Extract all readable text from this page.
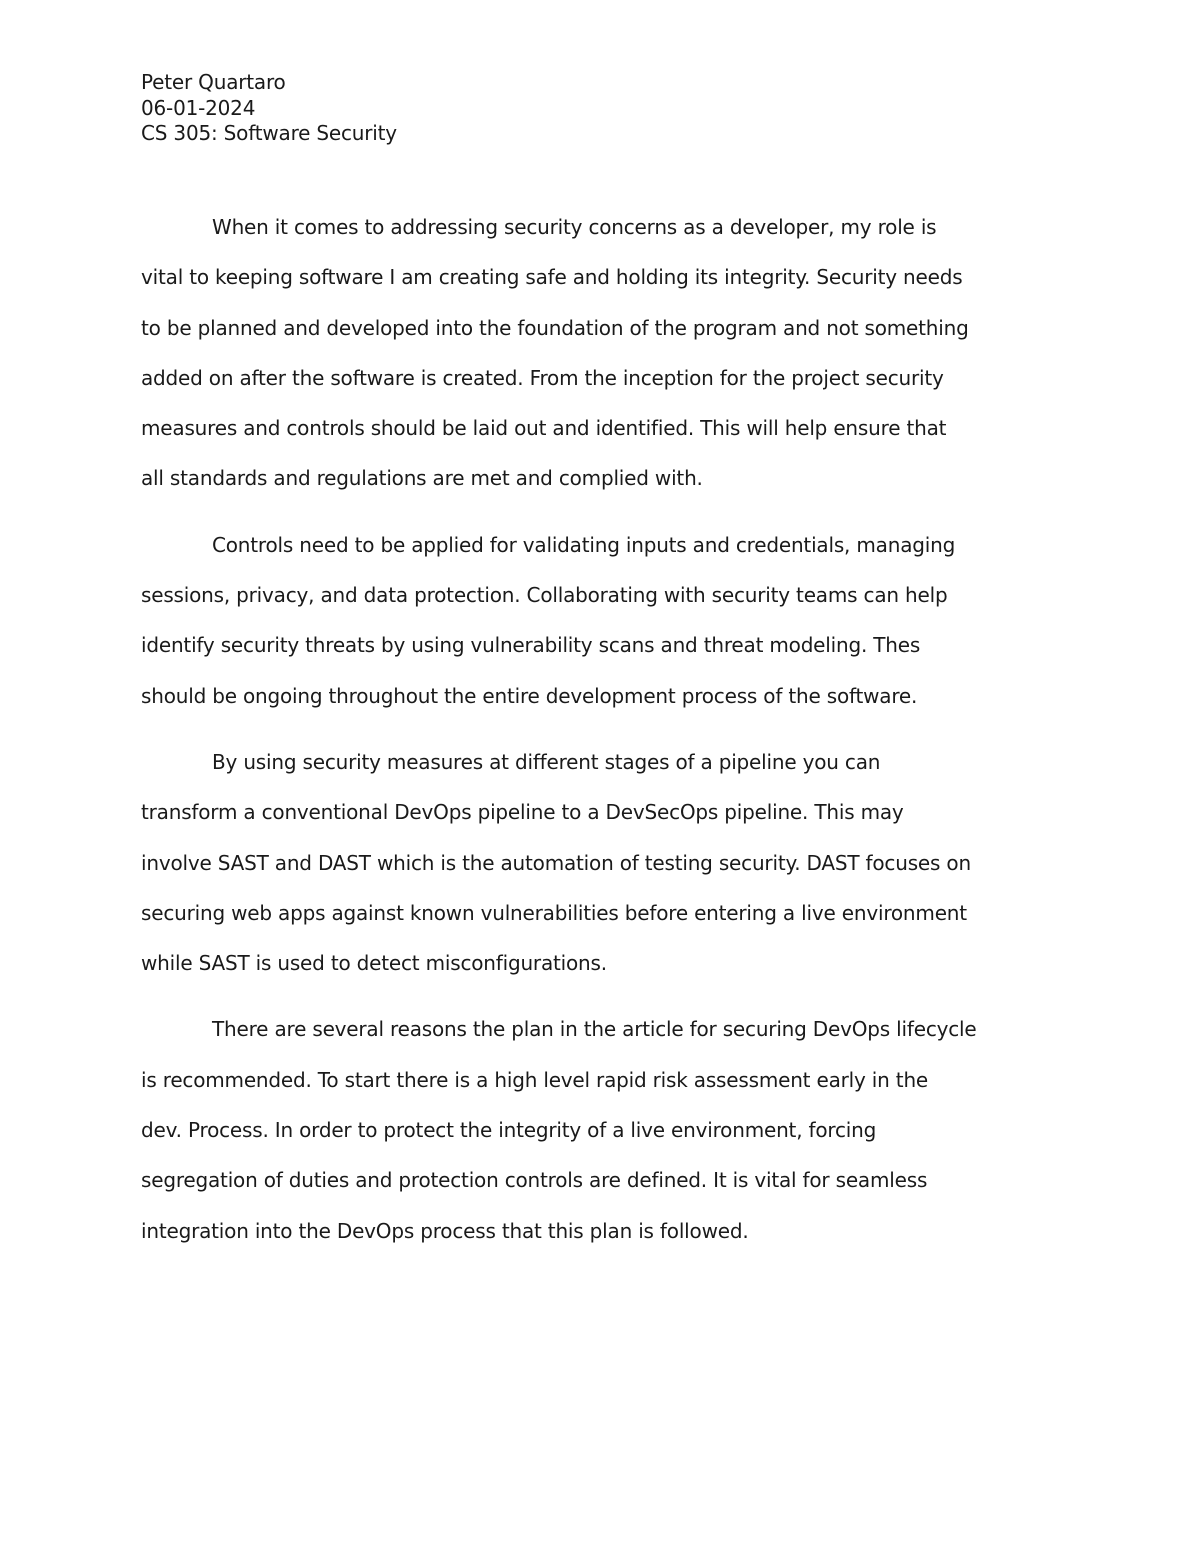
Peter Quartaro
06-01-2024
CS 305: Software Security
When it comes to addressing security concerns as a developer, my role is
vital to keeping software I am creating safe and holding its integrity. Security needs
to be planned and developed into the foundation of the program and not something
added on after the software is created. From the inception for the project security
measures and controls should be laid out and identified. This will help ensure that
all standards and regulations are met and complied with.
Controls need to be applied for validating inputs and credentials, managing
sessions, privacy, and data protection. Collaborating with security teams can help
identify security threats by using vulnerability scans and threat modeling. Thes
should be ongoing throughout the entire development process of the software.
By using security measures at different stages of a pipeline you can
transform a conventional DevOps pipeline to a DevSecOps pipeline. This may
involve SAST and DAST which is the automation of testing security. DAST focuses on
securing web apps against known vulnerabilities before entering a live environment
while SAST is used to detect misconfigurations.
There are several reasons the plan in the article for securing DevOps lifecycle
is recommended. To start there is a high level rapid risk assessment early in the
dev. Process. In order to protect the integrity of a live environment, forcing
segregation of duties and protection controls are defined. It is vital for seamless
integration into the DevOps process that this plan is followed.
